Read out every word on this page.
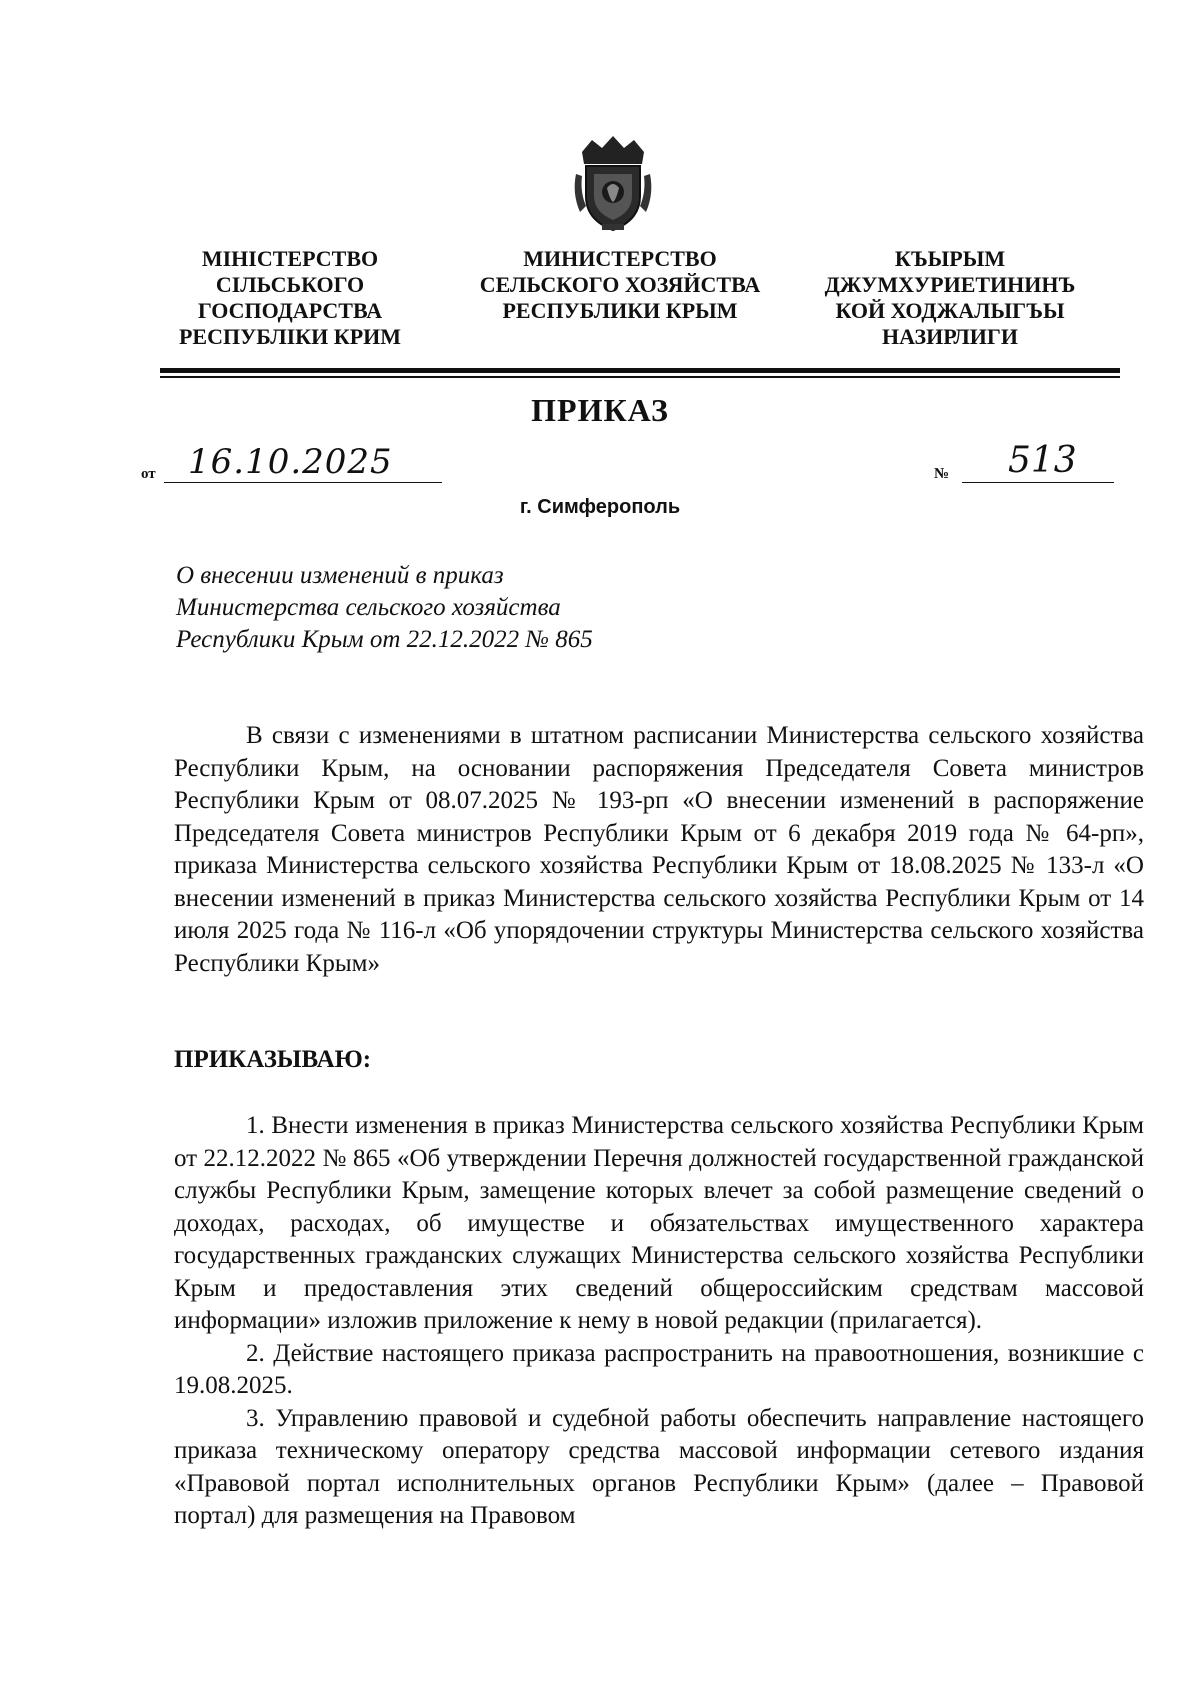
МІНІСТЕРСТВО
СІЛЬСЬКОГО
ГОСПОДАРСТВА
РЕСПУБЛІКИ КРИМ
МИНИСТЕРСТВО
СЕЛЬСКОГО ХОЗЯЙСТВА
РЕСПУБЛИКИ КРЫМ
КЪЫРЫМ
ДЖУМХУРИЕТИНИНЪ
КОЙ ХОДЖАЛЫГЪЫ
НАЗИРЛИГИ
ПРИКАЗ
от 16.10.2025	№ 513
г. Симферополь
О внесении изменений в приказ
Министерства сельского хозяйства
Республики Крым от 22.12.2022 № 865

В связи с изменениями в штатном расписании Министерства сельского хозяйства Республики Крым, на основании распоряжения Председателя Совета министров Республики Крым от 08.07.2025 № 193-рп «О внесении изменений в распоряжение Председателя Совета министров Республики Крым от 6 декабря 2019 года № 64-рп», приказа Министерства сельского хозяйства Республики Крым от 18.08.2025 № 133-л «О внесении изменений в приказ Министерства сельского хозяйства Республики Крым от 14 июля 2025 года № 116-л «Об упорядочении структуры Министерства сельского хозяйства Республики Крым»

ПРИКАЗЫВАЮ:

1. Внести изменения в приказ Министерства сельского хозяйства Республики Крым от 22.12.2022 № 865 «Об утверждении Перечня должностей государственной гражданской службы Республики Крым, замещение которых влечет за собой размещение сведений о доходах, расходах, об имуществе и обязательствах имущественного характера государственных гражданских служащих Министерства сельского хозяйства Республики Крым и предоставления этих сведений общероссийским средствам массовой информации» изложив приложение к нему в новой редакции (прилагается).

2. Действие настоящего приказа распространить на правоотношения, возникшие с 19.08.2025.

3. Управлению правовой и судебной работы обеспечить направление настоящего приказа техническому оператору средства массовой информации сетевого издания «Правовой портал исполнительных органов Республики Крым» (далее – Правовой портал) для размещения на Правовом
